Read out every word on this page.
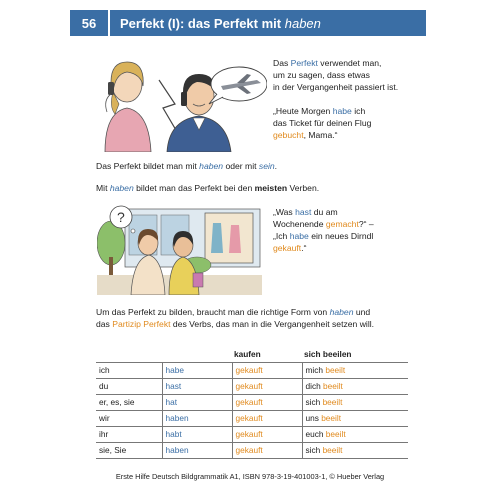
56	Perfekt (I): das Perfekt mit haben
Das Perfekt verwendet man,
um zu sagen, dass etwas
in der Vergangenheit passiert ist.
„Heute Morgen habe ich
das Ticket für deinen Flug
gebucht, Mama.“
Das Perfekt bildet man mit haben oder mit sein.
Mit haben bildet man das Perfekt bei den meisten Verben.
?	„Was hast du am
Wochenende gemacht?“ –
„Ich habe ein neues Dirndl
gekauft.“
Um das Perfekt zu bilden, braucht man die richtige Form von haben und
das Partizip Perfekt des Verbs, das man in die Vergangenheit setzen will.
		kaufen	sich beeilen
ich	habe	gekauft	mich beeilt
du	hast	gekauft	dich beeilt
er, es, sie	hat	gekauft	sich beeilt
wir	haben	gekauft	uns beeilt
ihr	habt	gekauft	euch beeilt
sie, Sie	haben	gekauft	sich beeilt
Erste Hilfe Deutsch Bildgrammatik A1, ISBN 978-3-19-401003-1, © Hueber Verlag
